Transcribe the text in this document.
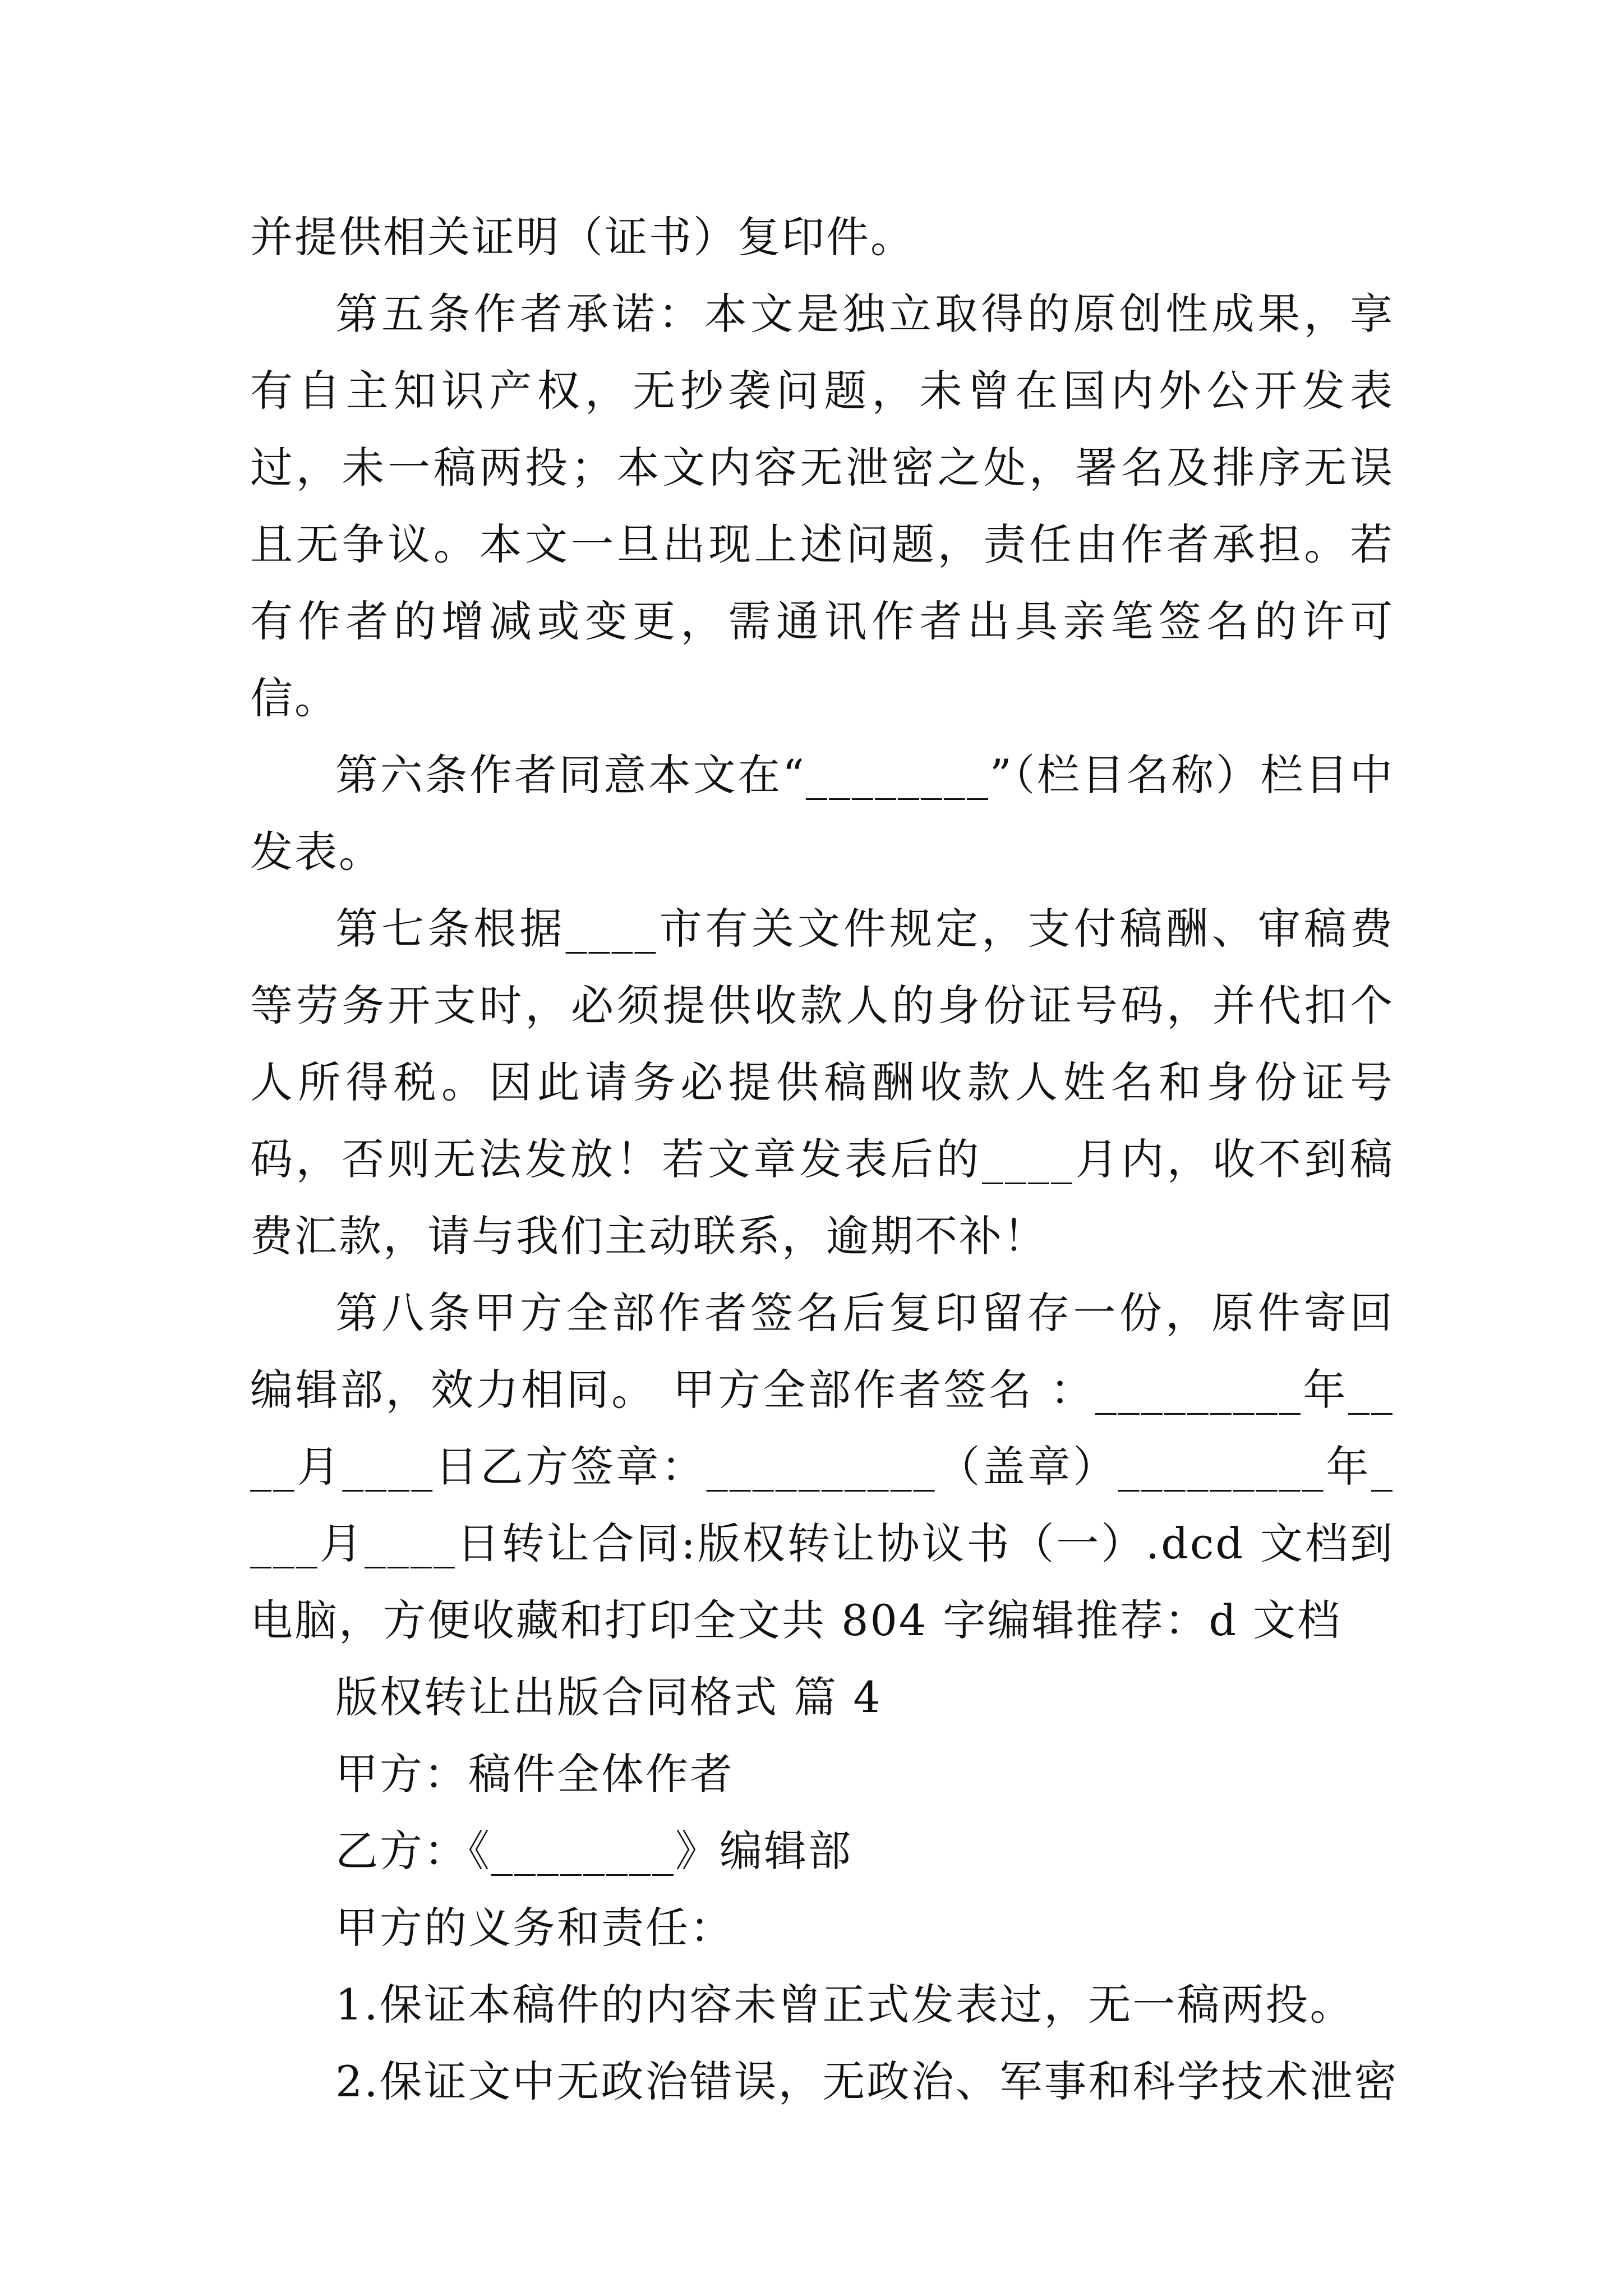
并提供相关证明（证书）复印件。

第五条作者承诺：本文是独立取得的原创性成果，享有自主知识产权，无抄袭问题，未曾在国内外公开发表过，未一稿两投；本文内容无泄密之处，署名及排序无误且无争议。本文一旦出现上述问题，责任由作者承担。若有作者的增减或变更，需通讯作者出具亲笔签名的许可信。

第六条作者同意本文在“________”（栏目名称）栏目中发表。

第七条根据____市有关文件规定，支付稿酬、审稿费等劳务开支时，必须提供收款人的身份证号码，并代扣个人所得税。因此请务必提供稿酬收款人姓名和身份证号码，否则无法发放！若文章发表后的____月内，收不到稿费汇款，请与我们主动联系，逾期不补！

第八条甲方全部作者签名后复印留存一份，原件寄回编辑部，效力相同。 甲方全部作者签名 ：_________年____月____日乙方签章：__________（盖章）_________年____月____日转让合同:版权转让协议书（一）.dcd 文档到电脑，方便收藏和打印全文共 804 字编辑推荐：d 文档

版权转让出版合同格式 篇 4

甲方：稿件全体作者

乙方：《________》编辑部

甲方的义务和责任：

1.保证本稿件的内容未曾正式发表过，无一稿两投。

2.保证文中无政治错误，无政治、军事和科学技术泄密
